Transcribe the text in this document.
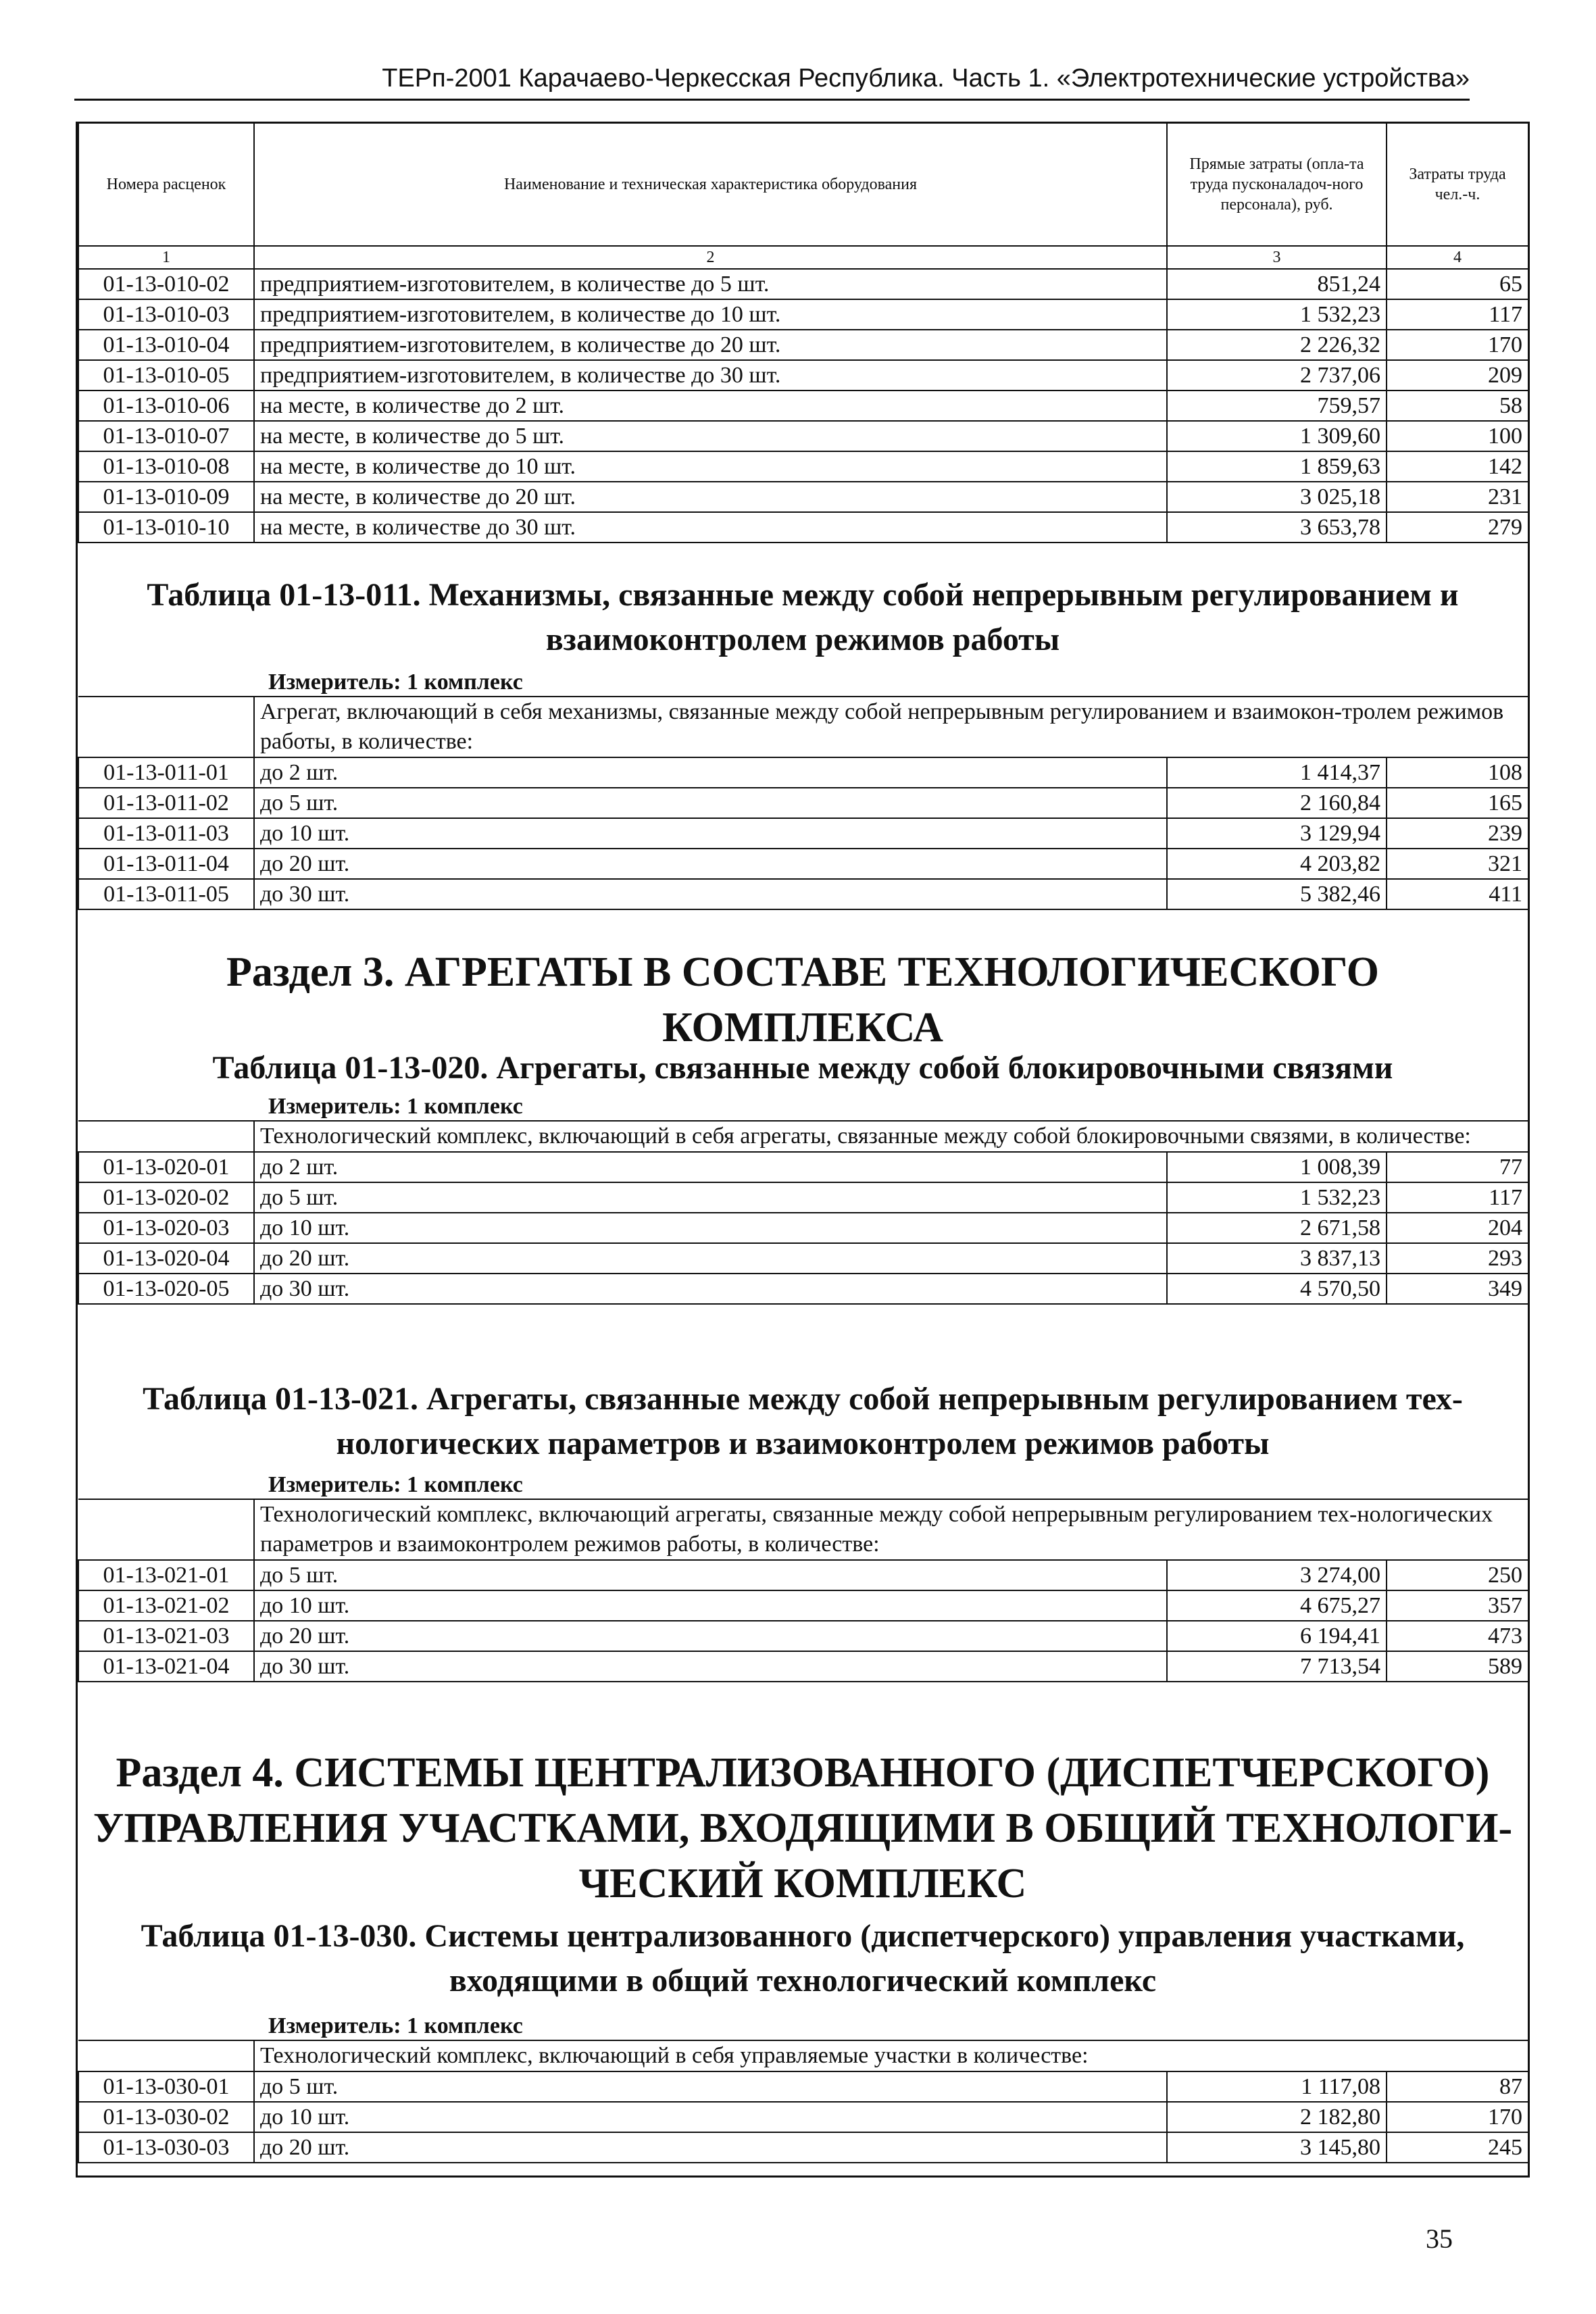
ТЕРп-2001 Карачаево-Черкесская Республика. Часть 1. «Электротехнические устройства»
Номера расценок	Наименование и техническая характеристика оборудования	Прямые затраты (опла-та труда пусконаладоч-ного персонала), руб.	Затраты труда чел.-ч.
1	2	3	4
01-13-010-02	предприятием-изготовителем, в количестве до 5 шт.	851,24	65
01-13-010-03	предприятием-изготовителем, в количестве до 10 шт.	1 532,23	117
01-13-010-04	предприятием-изготовителем, в количестве до 20 шт.	2 226,32	170
01-13-010-05	предприятием-изготовителем, в количестве до 30 шт.	2 737,06	209
01-13-010-06	на месте, в количестве до 2 шт.	759,57	58
01-13-010-07	на месте, в количестве до 5 шт.	1 309,60	100
01-13-010-08	на месте, в количестве до 10 шт.	1 859,63	142
01-13-010-09	на месте, в количестве до 20 шт.	3 025,18	231
01-13-010-10	на месте, в количестве до 30 шт.	3 653,78	279
Таблица 01-13-011. Механизмы, связанные между собой непрерывным регулированием и
взаимоконтролем режимов работы
Измеритель: 1 комплекс
	Агрегат, включающий в себя механизмы, связанные между собой непрерывным регулированием и взаимокон-тролем режимов работы, в количестве:		
01-13-011-01	до 2 шт.	1 414,37	108
01-13-011-02	до 5 шт.	2 160,84	165
01-13-011-03	до 10 шт.	3 129,94	239
01-13-011-04	до 20 шт.	4 203,82	321
01-13-011-05	до 30 шт.	5 382,46	411
Раздел 3. АГРЕГАТЫ В СОСТАВЕ ТЕХНОЛОГИЧЕСКОГО КОМПЛЕКСА
Таблица 01-13-020. Агрегаты, связанные между собой блокировочными связями
Измеритель: 1 комплекс
	Технологический комплекс, включающий в себя агрегаты, связанные между собой блокировочными связями, в количестве:		
01-13-020-01	до 2 шт.	1 008,39	77
01-13-020-02	до 5 шт.	1 532,23	117
01-13-020-03	до 10 шт.	2 671,58	204
01-13-020-04	до 20 шт.	3 837,13	293
01-13-020-05	до 30 шт.	4 570,50	349
Таблица 01-13-021. Агрегаты, связанные между собой непрерывным регулированием тех-
нологических параметров и взаимоконтролем режимов работы
Измеритель: 1 комплекс
	Технологический комплекс, включающий агрегаты, связанные между собой непрерывным регулированием тех-нологических параметров и взаимоконтролем режимов работы, в количестве:		
01-13-021-01	до 5 шт.	3 274,00	250
01-13-021-02	до 10 шт.	4 675,27	357
01-13-021-03	до 20 шт.	6 194,41	473
01-13-021-04	до 30 шт.	7 713,54	589
Раздел 4. СИСТЕМЫ ЦЕНТРАЛИЗОВАННОГО (ДИСПЕТЧЕРСКОГО)
УПРАВЛЕНИЯ УЧАСТКАМИ, ВХОДЯЩИМИ В ОБЩИЙ ТЕХНОЛОГИ-
ЧЕСКИЙ КОМПЛЕКС
Таблица 01-13-030. Системы централизованного (диспетчерского) управления участками,
входящими в общий технологический комплекс
Измеритель: 1 комплекс
	Технологический комплекс, включающий в себя управляемые участки в количестве:		
01-13-030-01	до 5 шт.	1 117,08	87
01-13-030-02	до 10 шт.	2 182,80	170
01-13-030-03	до 20 шт.	3 145,80	245
35
